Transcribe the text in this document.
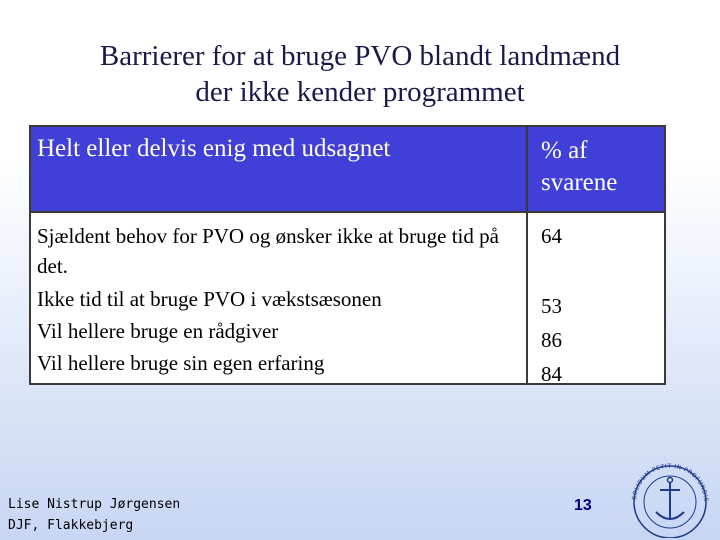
Barrierer for at bruge PVO blandt landmænd
der ikke kender programmet
Helt eller delvis enig med udsagnet	% af
svarene
Sjældent behov for PVO og ønsker ikke at bruge tid på det.
Ikke tid til at bruge PVO i vækstsæsonen
Vil hellere bruge en rådgiver
Vil hellere bruge sin egen erfaring
64
53
86
84
Lise Nistrup Jørgensen
DJF, Flakkebjerg
13	SOLIDUM PETIT IN PROFUNDIS
